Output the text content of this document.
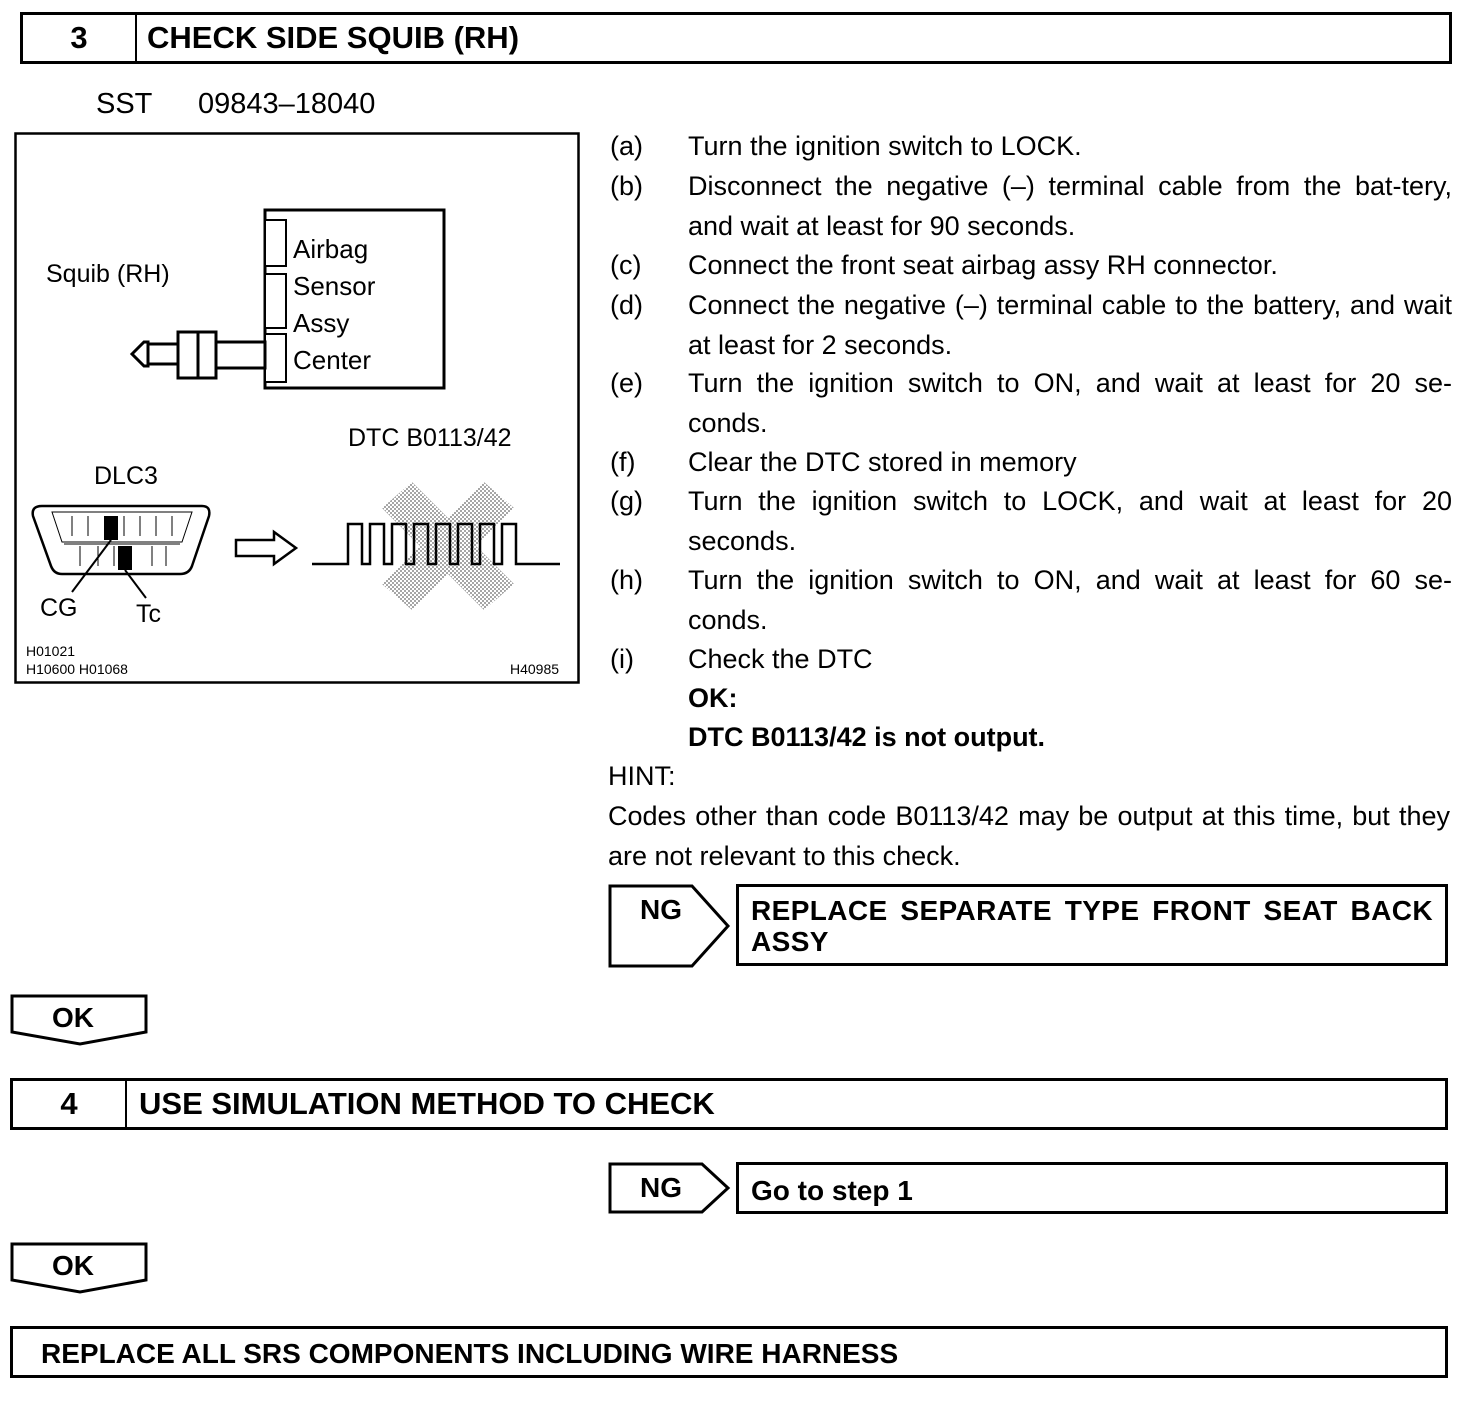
3	CHECK SIDE SQUIB (RH)
SST 09843–18040
Airbag
Sensor
Assy
Center
Squib (RH)
DTC B0113/42
DLC3
CG Tc
H01021
H10600 H01068	H40985
(a) Turn the ignition switch to LOCK.
(b) Disconnect the negative (–) terminal cable from the bat-tery, and wait at least for 90 seconds.
(c) Connect the front seat airbag assy RH connector.
(d) Connect the negative (–) terminal cable to the battery, and wait at least for 2 seconds.
(e) Turn the ignition switch to ON, and wait at least for 20 se-conds.
(f) Clear the DTC stored in memory
(g) Turn the ignition switch to LOCK, and wait at least for 20 seconds.
(h) Turn the ignition switch to ON, and wait at least for 60 se-conds.
(i) Check the DTC
OK:
DTC B0113/42 is not output.
HINT:
Codes other than code B0113/42 may be output at this time, but they are not relevant to this check.
NG REPLACE SEPARATE TYPE FRONT SEAT BACK ASSY
OK
4	USE SIMULATION METHOD TO CHECK
NG Go to step 1
OK
REPLACE ALL SRS COMPONENTS INCLUDING WIRE HARNESS
